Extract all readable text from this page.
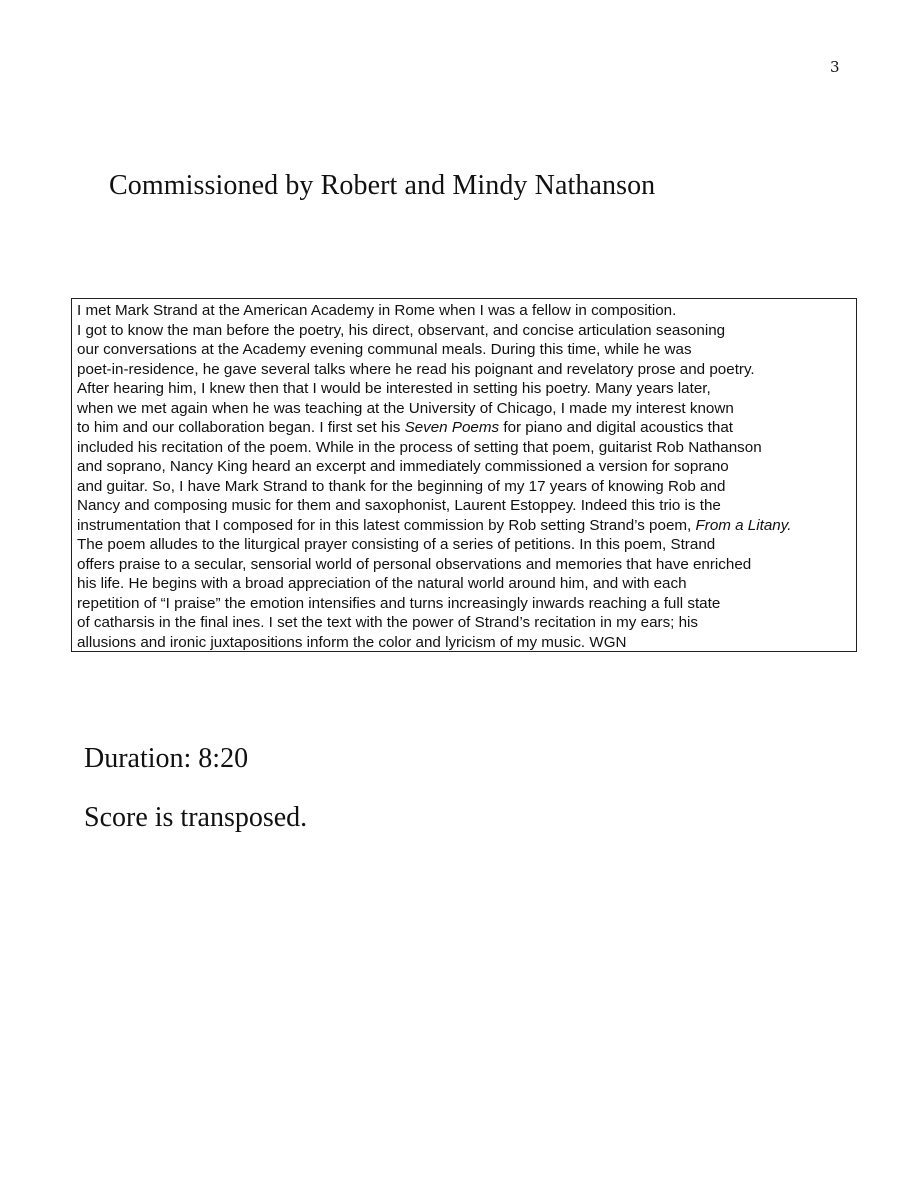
3
Commissioned by Robert and Mindy Nathanson
I met Mark Strand at the American Academy in Rome when I was a fellow in composition.
I got to know the man before the poetry, his direct, observant, and concise articulation seasoning
our conversations at the Academy evening communal meals. During this time, while he was
poet-in-residence, he gave several talks where he read his poignant and revelatory prose and poetry.
After hearing him, I knew then that I would be interested in setting his poetry. Many years later,
when we met again when he was teaching at the University of Chicago, I made my interest known
to him and our collaboration began. I first set his Seven Poems for piano and digital acoustics that
included his recitation of the poem. While in the process of setting that poem, guitarist Rob Nathanson
and soprano, Nancy King heard an excerpt and immediately commissioned a version for soprano
and guitar. So, I have Mark Strand to thank for the beginning of my 17 years of knowing Rob and
Nancy and composing music for them and saxophonist, Laurent Estoppey. Indeed this trio is the
instrumentation that I composed for in this latest commission by Rob setting Strand’s poem, From a Litany.
The poem alludes to the liturgical prayer consisting of a series of petitions. In this poem, Strand
offers praise to a secular, sensorial world of personal observations and memories that have enriched
his life. He begins with a broad appreciation of the natural world around him, and with each
repetition of “I praise” the emotion intensifies and turns increasingly inwards reaching a full state
of catharsis in the final ines. I set the text with the power of Strand’s recitation in my ears; his
allusions and ironic juxtapositions inform the color and lyricism of my music. WGN
Duration: 8:20
Score is transposed.
